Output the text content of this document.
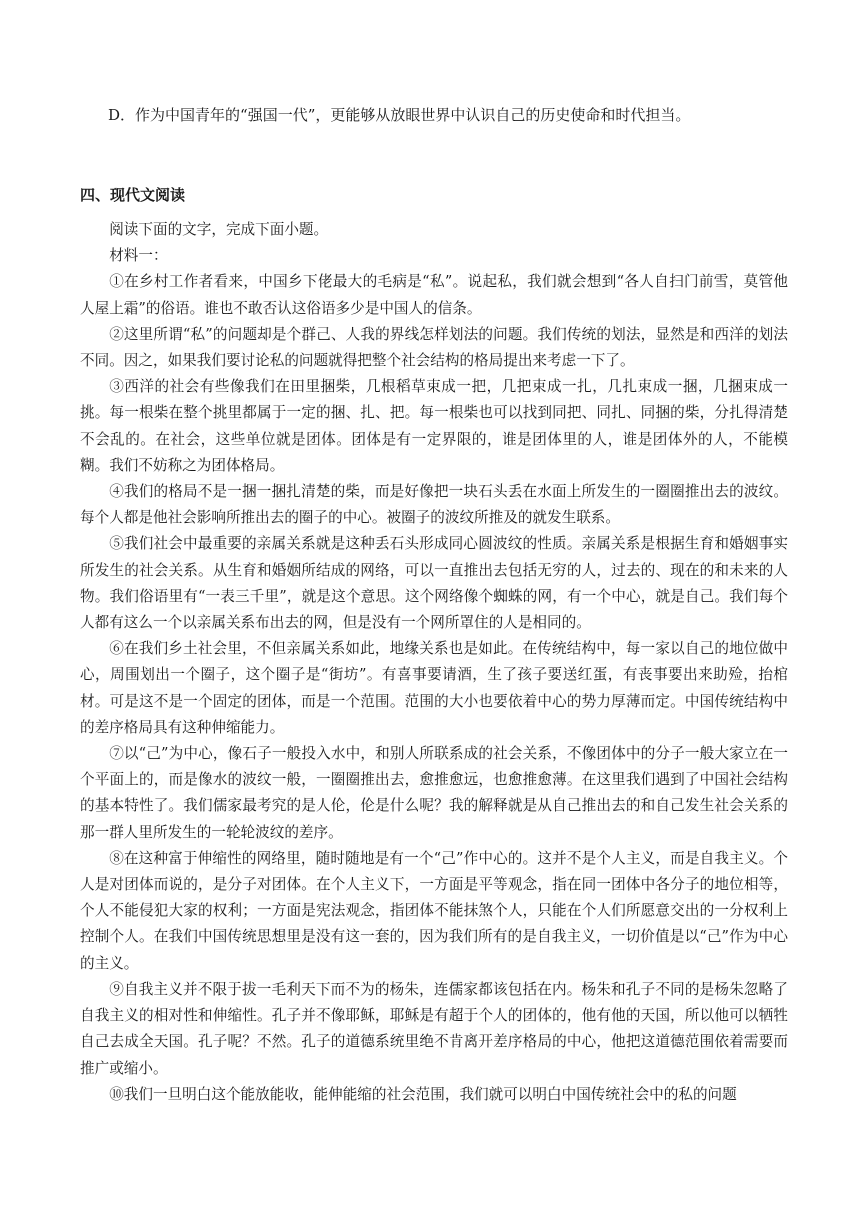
D．作为中国青年的“强国一代”，更能够从放眼世界中认识自己的历史使命和时代担当。
四、现代文阅读

阅读下面的文字，完成下面小题。

材料一：

①在乡村工作者看来，中国乡下佬最大的毛病是“私”。说起私，我们就会想到“各人自扫门前雪，莫管他人屋上霜”的俗语。谁也不敢否认这俗语多少是中国人的信条。

②这里所谓“私”的问题却是个群己、人我的界线怎样划法的问题。我们传统的划法，显然是和西洋的划法不同。因之，如果我们要讨论私的问题就得把整个社会结构的格局提出来考虑一下了。

③西洋的社会有些像我们在田里捆柴，几根稻草束成一把，几把束成一扎，几扎束成一捆，几捆束成一挑。每一根柴在整个挑里都属于一定的捆、扎、把。每一根柴也可以找到同把、同扎、同捆的柴，分扎得清楚不会乱的。在社会，这些单位就是团体。团体是有一定界限的，谁是团体里的人，谁是团体外的人，不能模糊。我们不妨称之为团体格局。

④我们的格局不是一捆一捆扎清楚的柴，而是好像把一块石头丢在水面上所发生的一圈圈推出去的波纹。每个人都是他社会影响所推出去的圈子的中心。被圈子的波纹所推及的就发生联系。

⑤我们社会中最重要的亲属关系就是这种丢石头形成同心圆波纹的性质。亲属关系是根据生育和婚姻事实所发生的社会关系。从生育和婚姻所结成的网络，可以一直推出去包括无穷的人，过去的、现在的和未来的人物。我们俗语里有“一表三千里”，就是这个意思。这个网络像个蜘蛛的网，有一个中心，就是自己。我们每个人都有这么一个以亲属关系布出去的网，但是没有一个网所罩住的人是相同的。

⑥在我们乡土社会里，不但亲属关系如此，地缘关系也是如此。在传统结构中，每一家以自己的地位做中心，周围划出一个圈子，这个圈子是“街坊”。有喜事要请酒，生了孩子要送红蛋，有丧事要出来助殓，抬棺材。可是这不是一个固定的团体，而是一个范围。范围的大小也要依着中心的势力厚薄而定。中国传统结构中的差序格局具有这种伸缩能力。

⑦以“己”为中心，像石子一般投入水中，和别人所联系成的社会关系，不像团体中的分子一般大家立在一个平面上的，而是像水的波纹一般，一圈圈推出去，愈推愈远，也愈推愈薄。在这里我们遇到了中国社会结构的基本特性了。我们儒家最考究的是人伦，伦是什么呢？我的解释就是从自己推出去的和自己发生社会关系的那一群人里所发生的一轮轮波纹的差序。

⑧在这种富于伸缩性的网络里，随时随地是有一个“己”作中心的。这并不是个人主义，而是自我主义。个人是对团体而说的，是分子对团体。在个人主义下，一方面是平等观念，指在同一团体中各分子的地位相等，个人不能侵犯大家的权利；一方面是宪法观念，指团体不能抹煞个人，只能在个人们所愿意交出的一分权利上控制个人。在我们中国传统思想里是没有这一套的，因为我们所有的是自我主义，一切价值是以“己”作为中心的主义。

⑨自我主义并不限于拔一毛利天下而不为的杨朱，连儒家都该包括在内。杨朱和孔子不同的是杨朱忽略了自我主义的相对性和伸缩性。孔子并不像耶稣，耶稣是有超于个人的团体的，他有他的天国，所以他可以牺牲自己去成全天国。孔子呢？不然。孔子的道德系统里绝不肯离开差序格局的中心，他把这道德范围依着需要而推广或缩小。

⑩我们一旦明白这个能放能收，能伸能缩的社会范围，我们就可以明白中国传统社会中的私的问题
